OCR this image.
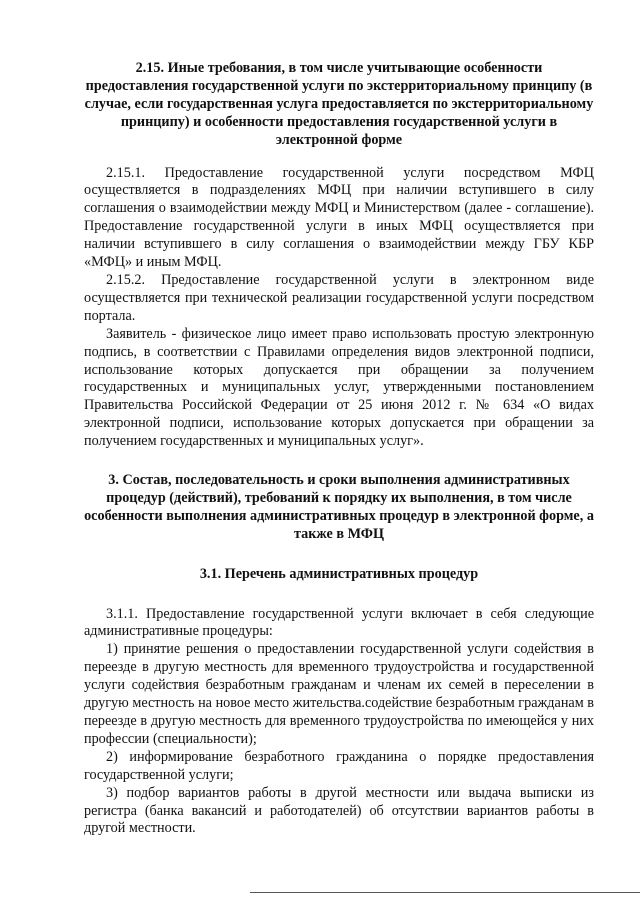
2.15. Иные требования, в том числе учитывающие особенности предоставления государственной услуги по экстерриториальному принципу (в случае, если государственная услуга предоставляется по экстерриториальному принципу) и особенности предоставления государственной услуги в электронной форме

2.15.1. Предоставление государственной услуги посредством МФЦ осуществляется в подразделениях МФЦ при наличии вступившего в силу соглашения о взаимодействии между МФЦ и Министерством (далее - соглашение). Предоставление государственной услуги в иных МФЦ осуществляется при наличии вступившего в силу соглашения о взаимодействии между ГБУ КБР «МФЦ» и иным МФЦ.

2.15.2. Предоставление государственной услуги в электронном виде осуществляется при технической реализации государственной услуги посредством портала.

Заявитель - физическое лицо имеет право использовать простую электронную подпись, в соответствии с Правилами определения видов электронной подписи, использование которых допускается при обращении за получением государственных и муниципальных услуг, утвержденными постановлением Правительства Российской Федерации от 25 июня 2012 г. № 634 «О видах электронной подписи, использование которых допускается при обращении за получением государственных и муниципальных услуг».

3. Состав, последовательность и сроки выполнения административных процедур (действий), требований к порядку их выполнения, в том числе особенности выполнения административных процедур в электронной форме, а также в МФЦ
3.1. Перечень административных процедур

3.1.1. Предоставление государственной услуги включает в себя следующие административные процедуры:

1) принятие решения о предоставлении государственной услуги содействия в переезде в другую местность для временного трудоустройства и государственной услуги содействия безработным гражданам и членам их семей в переселении в другую местность на новое место жительства.содействие безработным гражданам в переезде в другую местность для временного трудоустройства по имеющейся у них профессии (специальности);

2) информирование безработного гражданина о порядке предоставления государственной услуги;

3) подбор вариантов работы в другой местности или выдача выписки из регистра (банка вакансий и работодателей) об отсутствии вариантов работы в другой местности.
